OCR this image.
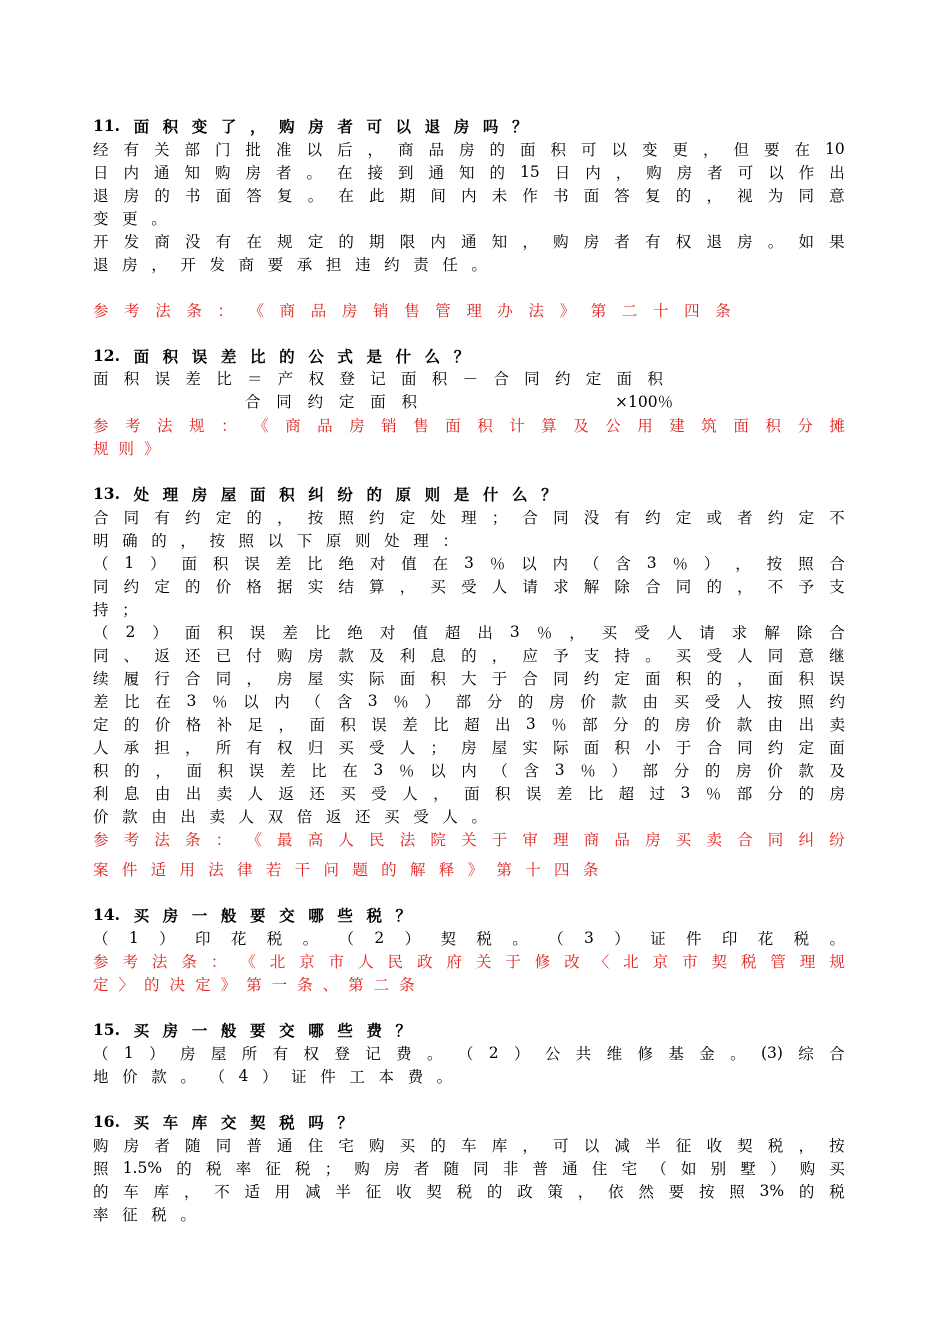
11. 面 积 变 了 ， 购 房 者 可 以 退 房 吗 ？
经 有 关 部 门 批 准 以 后 ， 商 品 房 的 面 积 可 以 变 更 ， 但 要 在 10
日 内 通 知 购 房 者 。 在 接 到 通 知 的 15 日 内 ， 购 房 者 可 以 作 出
退 房 的 书 面 答 复 。 在 此 期 间 内 未 作 书 面 答 复 的 ， 视 为 同 意
变 更 。
开 发 商 没 有 在 规 定 的 期 限 内 通 知 ， 购 房 者 有 权 退 房 。 如 果
退 房 ， 开 发 商 要 承 担 违 约 责 任 。
参 考 法 条 ： 《 商 品 房 销 售 管 理 办 法 》 第 二 十 四 条
12. 面 积 误 差 比 的 公 式 是 什 么 ？
面 积 误 差 比 ＝ 产 权 登 记 面 积 － 合 同 约 定 面 积
合 同 约 定 面 积	×100％
参 考 法 规 ： 《 商 品 房 销 售 面 积 计 算 及 公 用 建 筑 面 积 分 摊
规 则 》
13. 处 理 房 屋 面 积 纠 纷 的 原 则 是 什 么 ？
合 同 有 约 定 的 ， 按 照 约 定 处 理 ； 合 同 没 有 约 定 或 者 约 定 不
明 确 的 ， 按 照 以 下 原 则 处 理 ：
（ 1 ） 面 积 误 差 比 绝 对 值 在 3 ％ 以 内 （ 含 3 ％ ） ， 按 照 合
同 约 定 的 价 格 据 实 结 算 ， 买 受 人 请 求 解 除 合 同 的 ， 不 予 支
持 ；
（ 2 ） 面 积 误 差 比 绝 对 值 超 出 3 ％ ， 买 受 人 请 求 解 除 合
同 、 返 还 已 付 购 房 款 及 利 息 的 ， 应 予 支 持 。 买 受 人 同 意 继
续 履 行 合 同 ， 房 屋 实 际 面 积 大 于 合 同 约 定 面 积 的 ， 面 积 误
差 比 在 3 ％ 以 内 （ 含 3 ％ ） 部 分 的 房 价 款 由 买 受 人 按 照 约
定 的 价 格 补 足 ， 面 积 误 差 比 超 出 3 ％ 部 分 的 房 价 款 由 出 卖
人 承 担 ， 所 有 权 归 买 受 人 ； 房 屋 实 际 面 积 小 于 合 同 约 定 面
积 的 ， 面 积 误 差 比 在 3 ％ 以 内 （ 含 3 ％ ） 部 分 的 房 价 款 及
利 息 由 出 卖 人 返 还 买 受 人 ， 面 积 误 差 比 超 过 3 ％ 部 分 的 房
价 款 由 出 卖 人 双 倍 返 还 买 受 人 。
参 考 法 条 ： 《 最 高 人 民 法 院 关 于 审 理 商 品 房 买 卖 合 同 纠 纷
案 件 适 用 法 律 若 干 问 题 的 解 释 》 第 十 四 条
14. 买 房 一 般 要 交 哪 些 税 ？
（ 1 ） 印 花 税 。 （ 2 ） 契 税 。 （ 3 ） 证 件 印 花 税 。
参 考 法 条 ： 《 北 京 市 人 民 政 府 关 于 修 改 〈 北 京 市 契 税 管 理 规
定 〉 的 决 定 》 第 一 条 、 第 二 条
15. 买 房 一 般 要 交 哪 些 费 ？
（ 1 ） 房 屋 所 有 权 登 记 费 。 （ 2 ） 公 共 维 修 基 金 。 (3) 综 合
地 价 款 。 （ 4 ） 证 件 工 本 费 。
16. 买 车 库 交 契 税 吗 ？
购 房 者 随 同 普 通 住 宅 购 买 的 车 库 ， 可 以 减 半 征 收 契 税 ， 按
照 1.5% 的 税 率 征 税 ； 购 房 者 随 同 非 普 通 住 宅 （ 如 别 墅 ） 购 买
的 车 库 ， 不 适 用 减 半 征 收 契 税 的 政 策 ， 依 然 要 按 照 3% 的 税
率 征 税 。
